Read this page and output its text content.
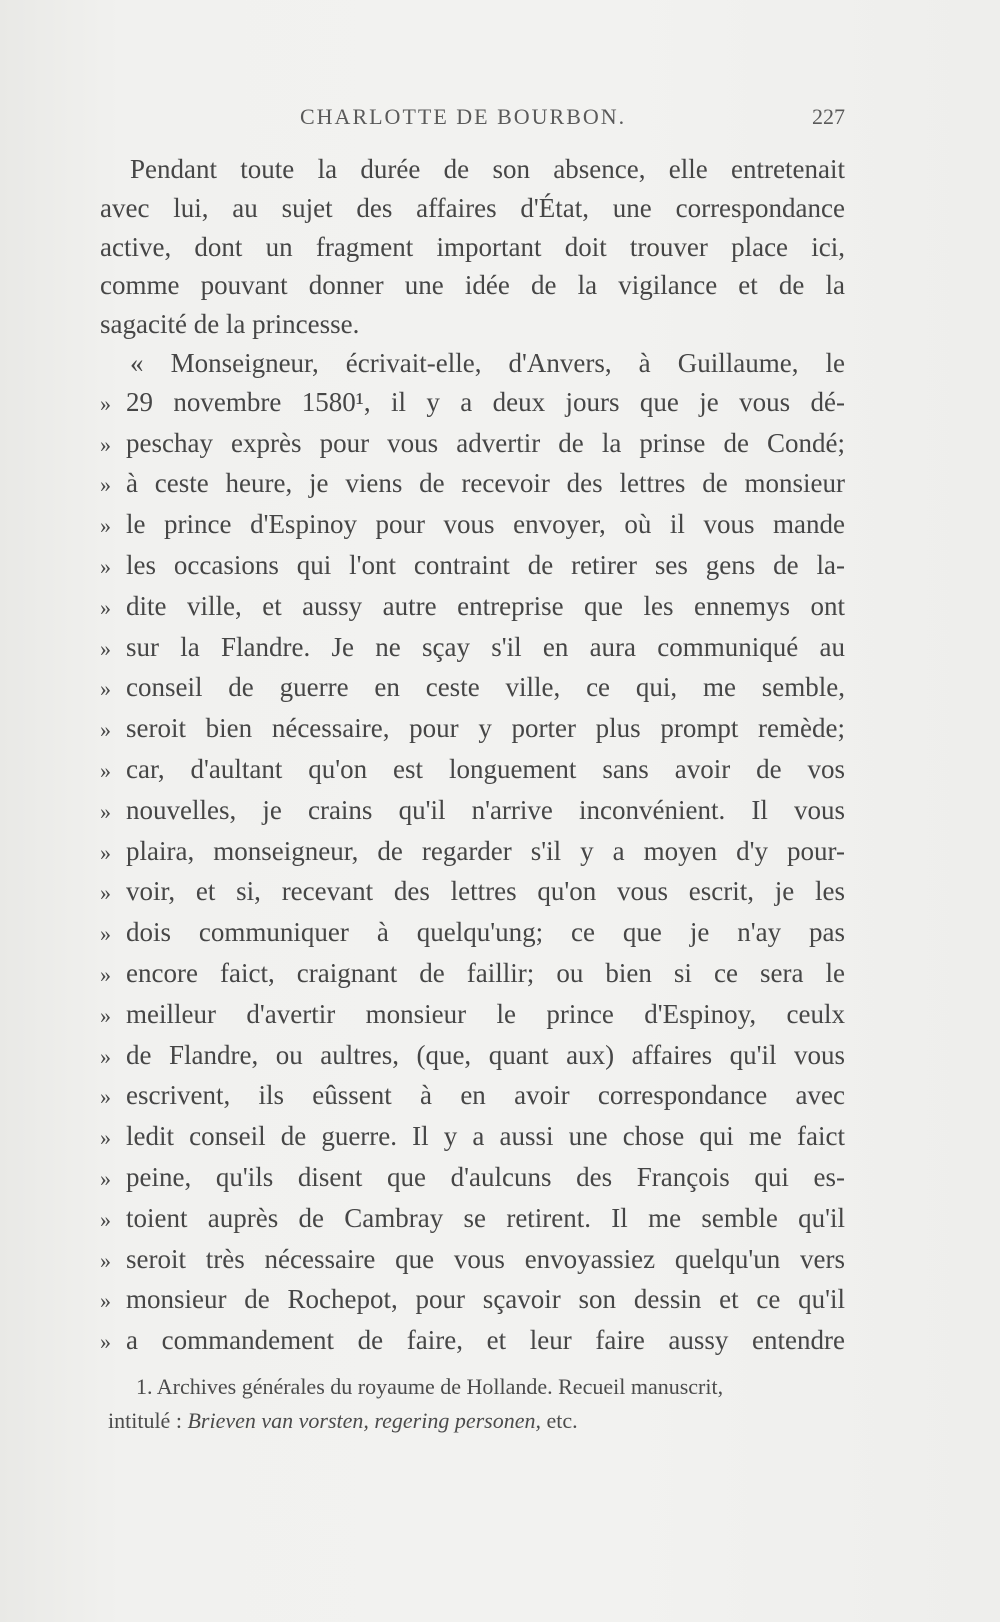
CHARLOTTE DE BOURBON.	227
Pendant toute la durée de son absence, elle entretenait
avec lui, au sujet des affaires d'État, une correspondance
active, dont un fragment important doit trouver place ici,
comme pouvant donner une idée de la vigilance et de la
sagacité de la princesse.
« Monseigneur, écrivait-elle, d'Anvers, à Guillaume, le
» 29 novembre 1580¹, il y a deux jours que je vous dé-
» peschay exprès pour vous advertir de la prinse de Condé;
» à ceste heure, je viens de recevoir des lettres de monsieur
» le prince d'Espinoy pour vous envoyer, où il vous mande
» les occasions qui l'ont contraint de retirer ses gens de la-
» dite ville, et aussy autre entreprise que les ennemys ont
» sur la Flandre. Je ne sçay s'il en aura communiqué au
» conseil de guerre en ceste ville, ce qui, me semble,
» seroit bien nécessaire, pour y porter plus prompt remède;
» car, d'aultant qu'on est longuement sans avoir de vos
» nouvelles, je crains qu'il n'arrive inconvénient. Il vous
» plaira, monseigneur, de regarder s'il y a moyen d'y pour-
» voir, et si, recevant des lettres qu'on vous escrit, je les
» dois communiquer à quelqu'ung; ce que je n'ay pas
» encore faict, craignant de faillir; ou bien si ce sera le
» meilleur d'avertir monsieur le prince d'Espinoy, ceulx
» de Flandre, ou aultres, (que, quant aux) affaires qu'il vous
» escrivent, ils eûssent à en avoir correspondance avec
» ledit conseil de guerre. Il y a aussi une chose qui me faict
» peine, qu'ils disent que d'aulcuns des François qui es-
» toient auprès de Cambray se retirent. Il me semble qu'il
» seroit très nécessaire que vous envoyassiez quelqu'un vers
» monsieur de Rochepot, pour sçavoir son dessin et ce qu'il
» a commandement de faire, et leur faire aussy entendre
1. Archives générales du royaume de Hollande. Recueil manuscrit,
intitulé : Brieven van vorsten, regering personen, etc.
